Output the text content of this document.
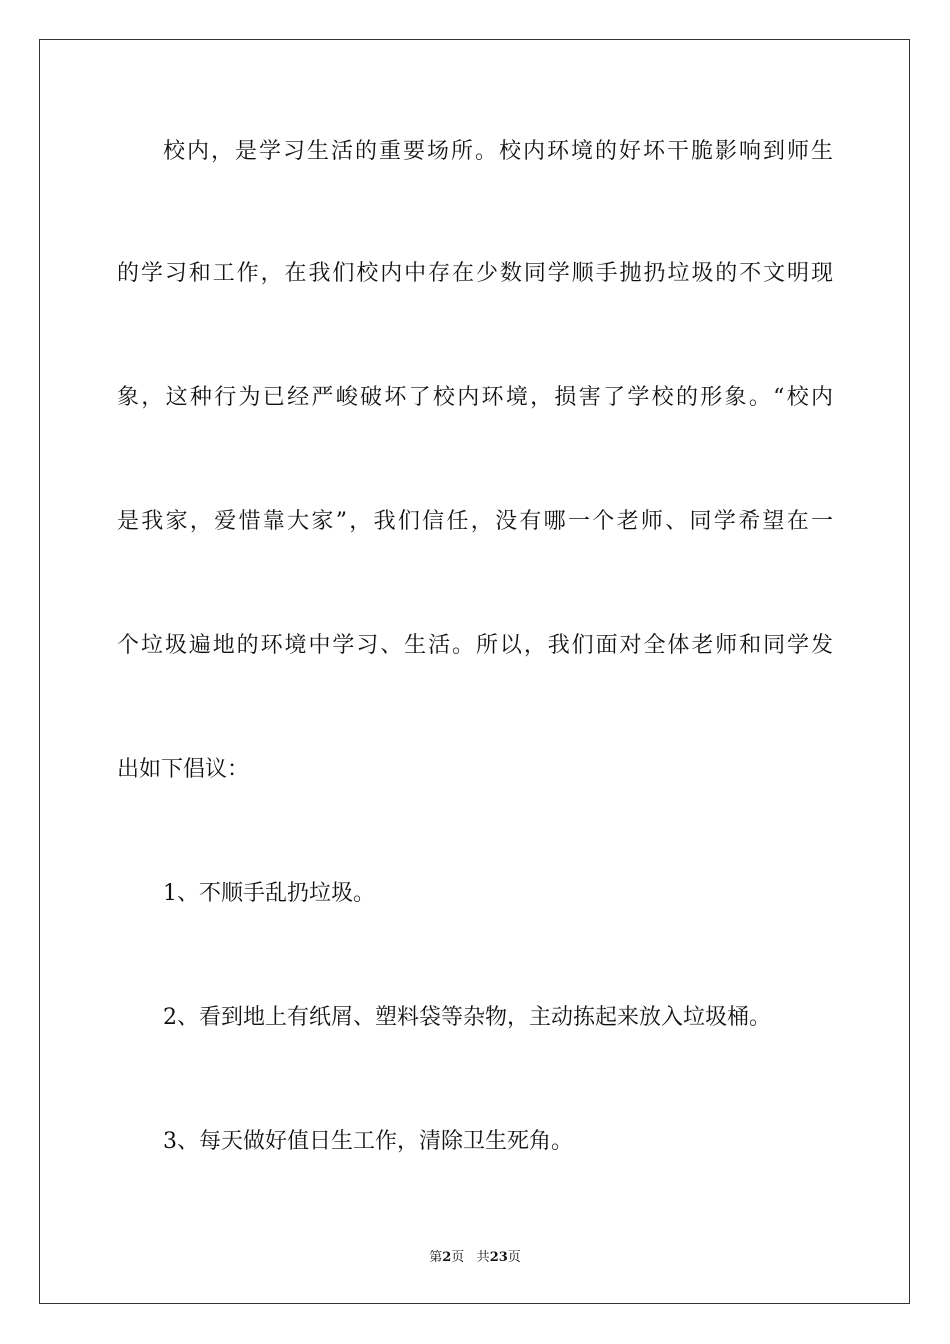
校内，是学习生活的重要场所。校内环境的好坏干脆影响到师生
的学习和工作，在我们校内中存在少数同学顺手抛扔垃圾的不文明现
象，这种行为已经严峻破坏了校内环境，损害了学校的形象。“校内
是我家，爱惜靠大家”，我们信任，没有哪一个老师、同学希望在一
个垃圾遍地的环境中学习、生活。所以，我们面对全体老师和同学发
出如下倡议：
1、不顺手乱扔垃圾。
2、看到地上有纸屑、塑料袋等杂物，主动拣起来放入垃圾桶。
3、每天做好值日生工作，清除卫生死角。
第2页 共23页
